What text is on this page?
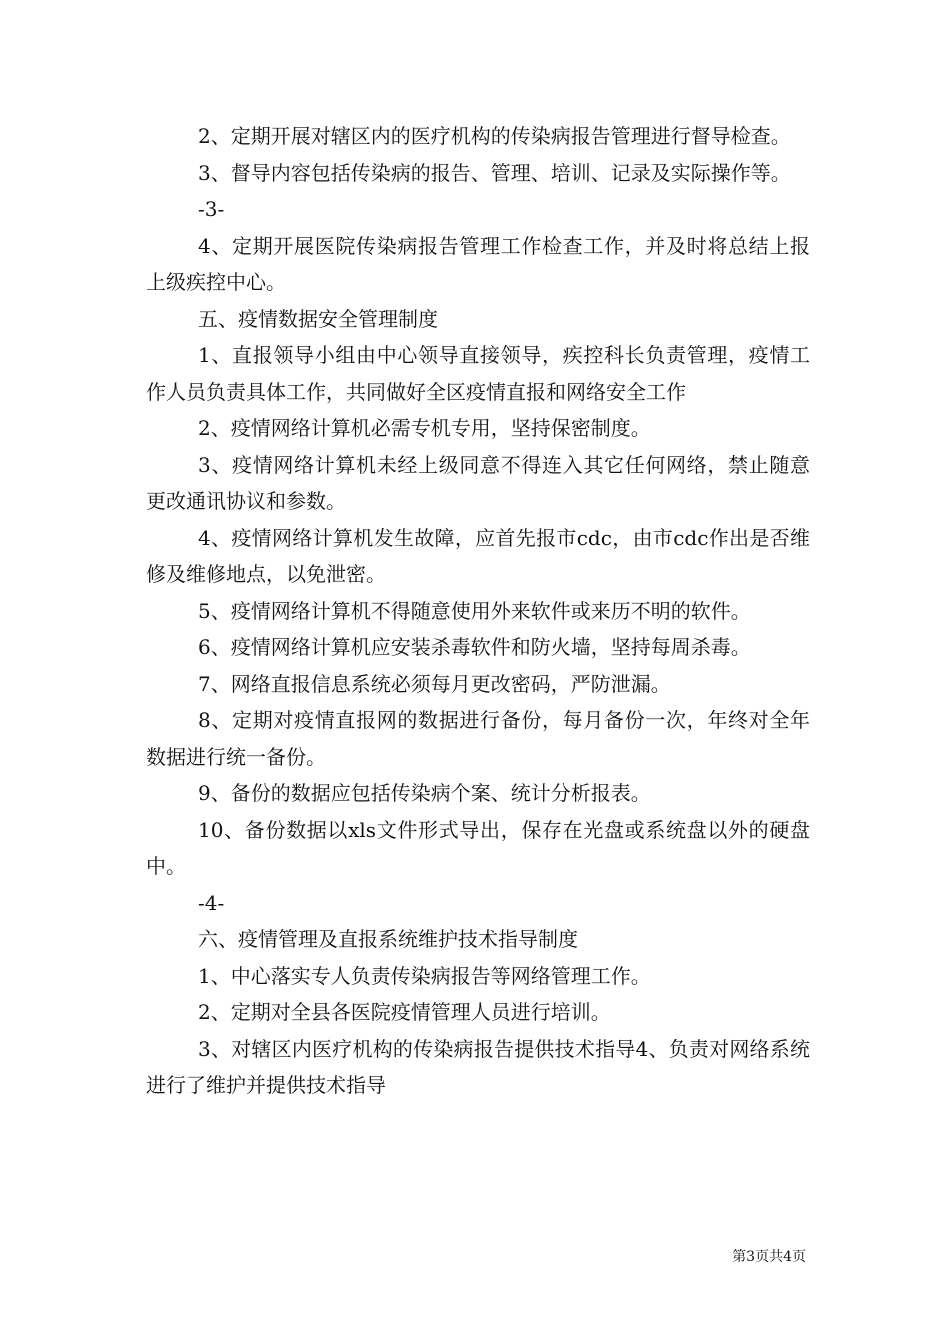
2、定期开展对辖区内的医疗机构的传染病报告管理进行督导检查。

3、督导内容包括传染病的报告、管理、培训、记录及实际操作等。

-3-

4、定期开展医院传染病报告管理工作检查工作，并及时将总结上报上级疾控中心。

五、疫情数据安全管理制度

1、直报领导小组由中心领导直接领导，疾控科长负责管理，疫情工作人员负责具体工作，共同做好全区疫情直报和网络安全工作

2、疫情网络计算机必需专机专用，坚持保密制度。

3、疫情网络计算机未经上级同意不得连入其它任何网络，禁止随意更改通讯协议和参数。

4、疫情网络计算机发生故障，应首先报市cdc，由市cdc作出是否维修及维修地点，以免泄密。

5、疫情网络计算机不得随意使用外来软件或来历不明的软件。

6、疫情网络计算机应安装杀毒软件和防火墙，坚持每周杀毒。

7、网络直报信息系统必须每月更改密码，严防泄漏。

8、定期对疫情直报网的数据进行备份，每月备份一次，年终对全年数据进行统一备份。

9、备份的数据应包括传染病个案、统计分析报表。

10、备份数据以xls文件形式导出，保存在光盘或系统盘以外的硬盘中。

-4-

六、疫情管理及直报系统维护技术指导制度

1、中心落实专人负责传染病报告等网络管理工作。

2、定期对全县各医院疫情管理人员进行培训。

3、对辖区内医疗机构的传染病报告提供技术指导4、负责对网络系统进行了维护并提供技术指导

第3页共4页
